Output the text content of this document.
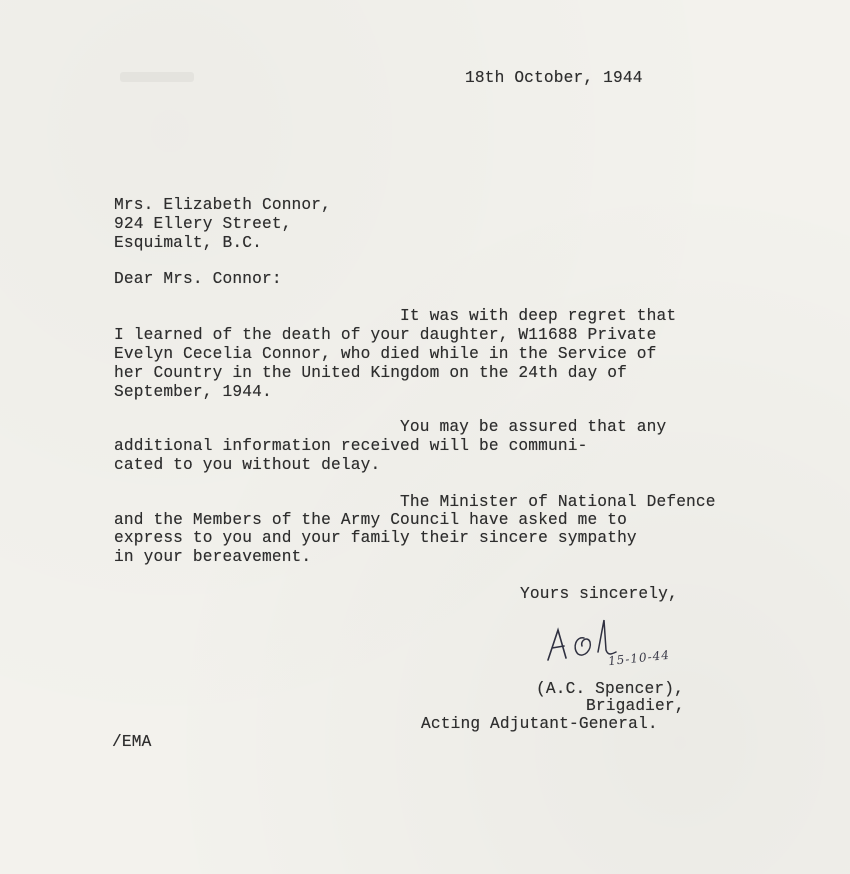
18th October, 1944
Mrs. Elizabeth Connor,
924 Ellery Street,
Esquimalt, B.C.
Dear Mrs. Connor:
It was with deep regret that
I learned of the death of your daughter, W11688 Private
Evelyn Cecelia Connor, who died while in the Service of
her Country in the United Kingdom on the 24th day of
September, 1944.
You may be assured that any
additional information received will be communi-
cated to you without delay.
The Minister of National Defence
and the Members of the Army Council have asked me to
express to you and your family their sincere sympathy
in your bereavement.
Yours sincerely,
15-10-44
(A.C. Spencer),
Brigadier,
Acting Adjutant-General.
/EMA
